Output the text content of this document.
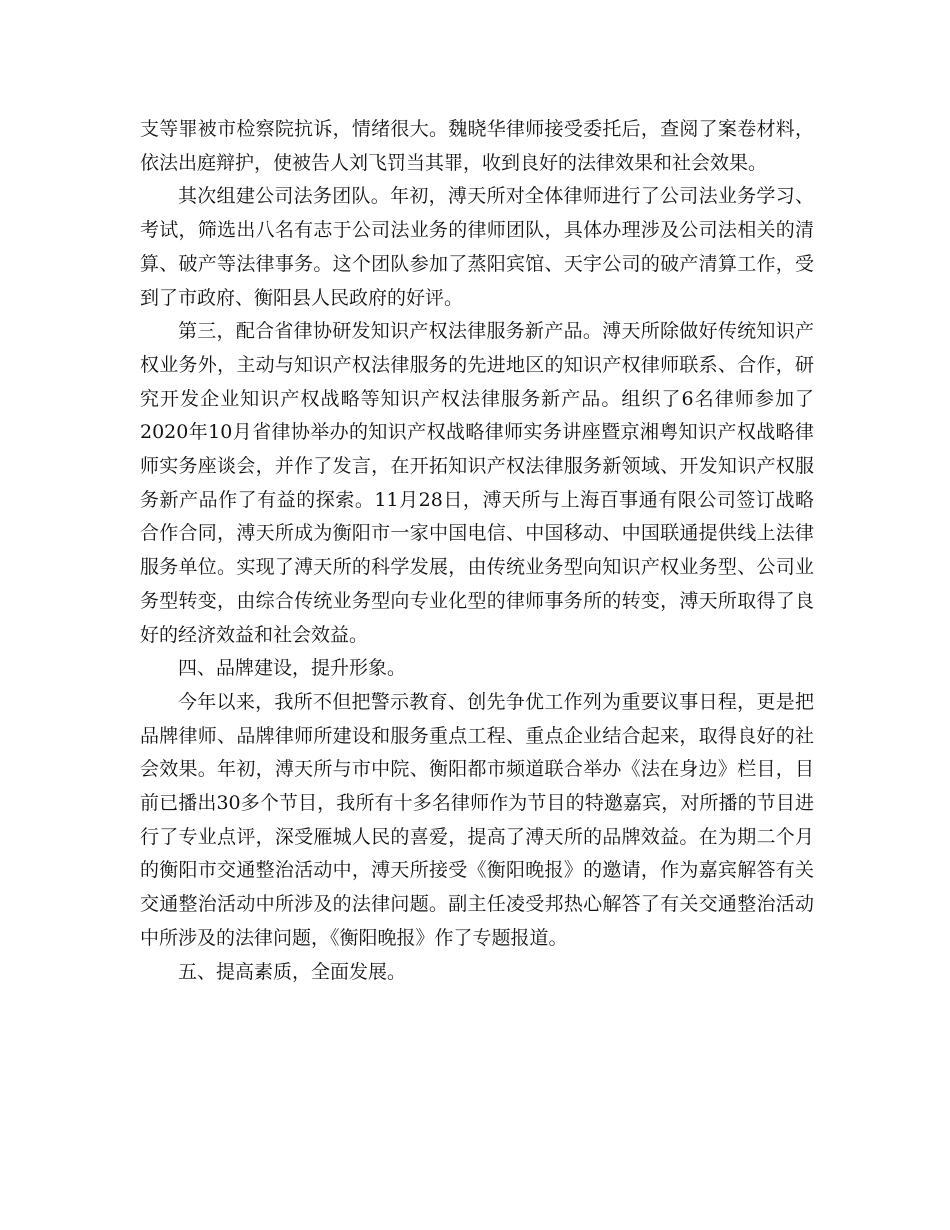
支等罪被市检察院抗诉，情绪很大。魏晓华律师接受委托后，查阅了案卷材料，依法出庭辩护，使被告人刘飞罚当其罪，收到良好的法律效果和社会效果。

其次组建公司法务团队。年初，溥天所对全体律师进行了公司法业务学习、考试，筛选出八名有志于公司法业务的律师团队，具体办理涉及公司法相关的清算、破产等法律事务。这个团队参加了蒸阳宾馆、天宇公司的破产清算工作，受到了市政府、衡阳县人民政府的好评。

第三，配合省律协研发知识产权法律服务新产品。溥天所除做好传统知识产权业务外，主动与知识产权法律服务的先进地区的知识产权律师联系、合作，研究开发企业知识产权战略等知识产权法律服务新产品。组织了6名律师参加了2020年10月省律协举办的知识产权战略律师实务讲座暨京湘粤知识产权战略律师实务座谈会，并作了发言，在开拓知识产权法律服务新领域、开发知识产权服务新产品作了有益的探索。11月28日，溥天所与上海百事通有限公司签订战略合作合同，溥天所成为衡阳市一家中国电信、中国移动、中国联通提供线上法律服务单位。实现了溥天所的科学发展，由传统业务型向知识产权业务型、公司业务型转变，由综合传统业务型向专业化型的律师事务所的转变，溥天所取得了良好的经济效益和社会效益。

四、品牌建设，提升形象。

今年以来，我所不但把警示教育、创先争优工作列为重要议事日程，更是把品牌律师、品牌律师所建设和服务重点工程、重点企业结合起来，取得良好的社会效果。年初，溥天所与市中院、衡阳都市频道联合举办《法在身边》栏目，目前已播出30多个节目，我所有十多名律师作为节目的特邀嘉宾，对所播的节目进行了专业点评，深受雁城人民的喜爱，提高了溥天所的品牌效益。在为期二个月的衡阳市交通整治活动中，溥天所接受《衡阳晚报》的邀请，作为嘉宾解答有关交通整治活动中所涉及的法律问题。副主任凌受邦热心解答了有关交通整治活动中所涉及的法律问题，《衡阳晚报》作了专题报道。

五、提高素质，全面发展。
